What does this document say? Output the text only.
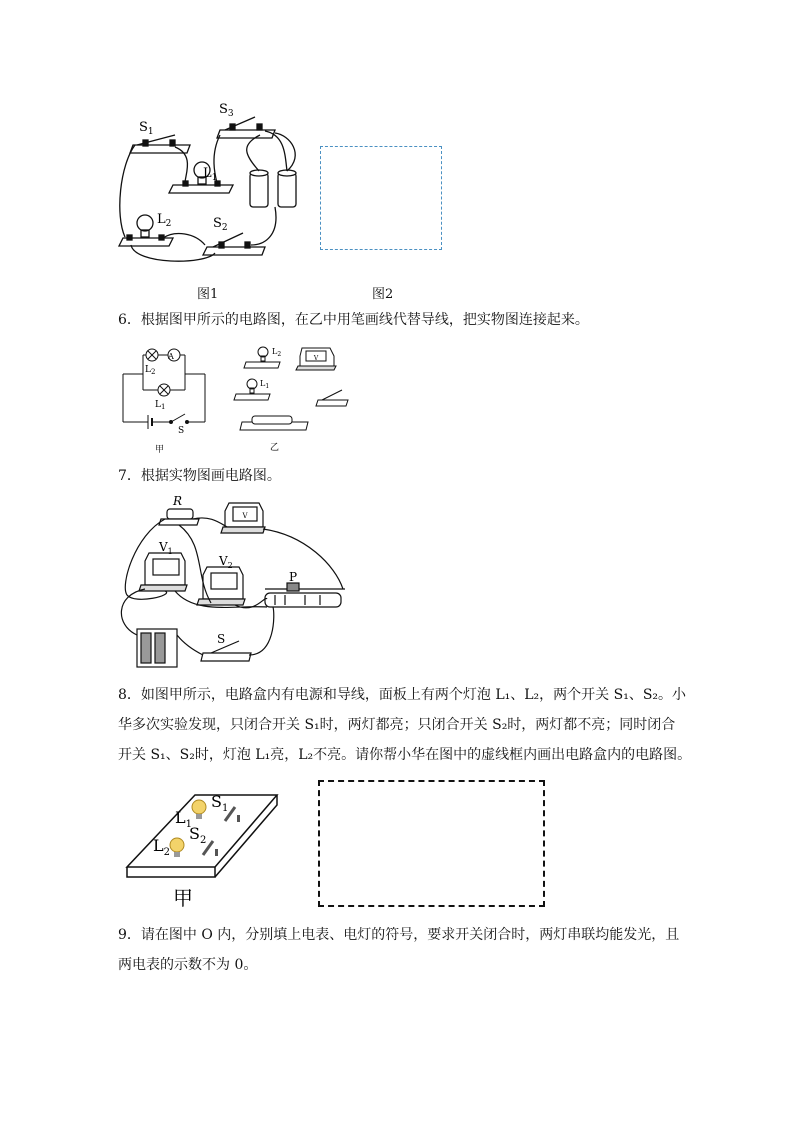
$S_1$
$S_3$
$L_1$
$L_2$	$S_2$
图1	图2
6．根据图甲所示的电路图，在乙中用笔画线代替导线，把实物图连接起来。
A
$L_2$
$L_1$
S
甲
$L_2$
$L_1$
V
乙
7．根据实物图画电路图。
R
$V_1$
$V_2$
P
S
V
8．如图甲所示，电路盒内有电源和导线，面板上有两个灯泡 L₁、L₂，两个开关 S₁、S₂。小
华多次实验发现，只闭合开关 S₁时，两灯都亮；只闭合开关 S₂时，两灯都不亮；同时闭合
开关 S₁、S₂时，灯泡 L₁亮，L₂不亮。请你帮小华在图中的虚线框内画出电路盒内的电路图。
$L_1$
$S_1$
$S_2$
$L_2$
甲
9．请在图中 O 内，分别填上电表、电灯的符号，要求开关闭合时，两灯串联均能发光，且
两电表的示数不为 0。
